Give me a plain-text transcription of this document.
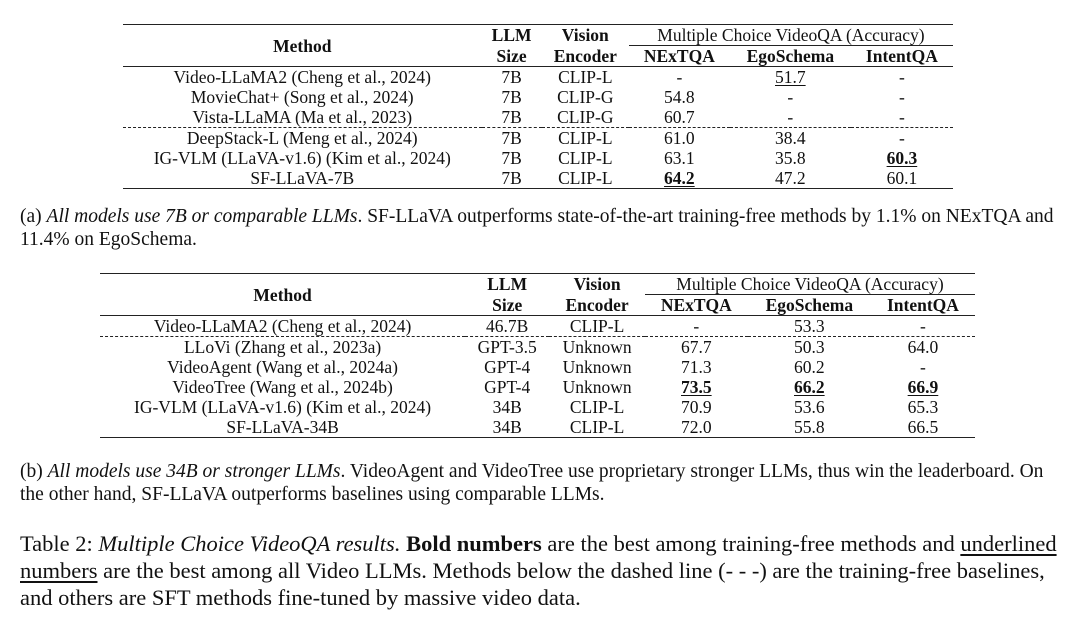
Method	LLM	Vision	Multiple Choice VideoQA (Accuracy)		
	Size	Encoder	NExTQA	EgoSchema	IntentQA
Video-LLaMA2 (Cheng et al., 2024)	7B	CLIP-L	-	51.7	-
MovieChat+ (Song et al., 2024)	7B	CLIP-G	54.8	-	-
Vista-LLaMA (Ma et al., 2023)	7B	CLIP-G	60.7	-	-
DeepStack-L (Meng et al., 2024)	7B	CLIP-L	61.0	38.4	-
IG-VLM (LLaVA-v1.6) (Kim et al., 2024)	7B	CLIP-L	63.1	35.8	60.3
SF-LLaVA-7B	7B	CLIP-L	64.2	47.2	60.1
(a) All models use 7B or comparable LLMs. SF-LLaVA outperforms state-of-the-art training-free methods by 1.1% on NExTQA and 11.4% on EgoSchema.
Method	LLM	Vision	Multiple Choice VideoQA (Accuracy)		
	Size	Encoder	NExTQA	EgoSchema	IntentQA
Video-LLaMA2 (Cheng et al., 2024)	46.7B	CLIP-L	-	53.3	-
LLoVi (Zhang et al., 2023a)	GPT-3.5	Unknown	67.7	50.3	64.0
VideoAgent (Wang et al., 2024a)	GPT-4	Unknown	71.3	60.2	-
VideoTree (Wang et al., 2024b)	GPT-4	Unknown	73.5	66.2	66.9
IG-VLM (LLaVA-v1.6) (Kim et al., 2024)	34B	CLIP-L	70.9	53.6	65.3
SF-LLaVA-34B	34B	CLIP-L	72.0	55.8	66.5
(b) All models use 34B or stronger LLMs. VideoAgent and VideoTree use proprietary stronger LLMs, thus win the leaderboard. On the other hand, SF-LLaVA outperforms baselines using comparable LLMs.
Table 2: Multiple Choice VideoQA results. Bold numbers are the best among training-free methods and underlined numbers are the best among all Video LLMs. Methods below the dashed line (- - -) are the training-free baselines, and others are SFT methods fine-tuned by massive video data.
